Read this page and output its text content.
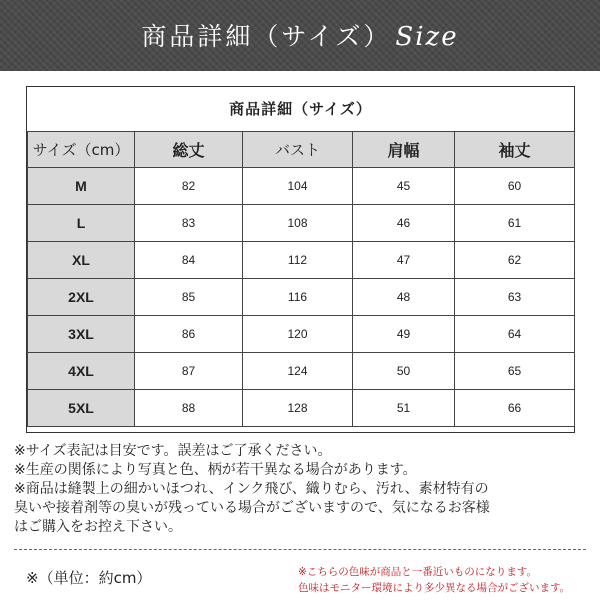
商品詳細（サイズ） Size
商品詳細（サイズ）
サイズ（cm）	総丈	バスト	肩幅	袖丈
M	82	104	45	60
L	83	108	46	61
XL	84	112	47	62
2XL	85	116	48	63
3XL	86	120	49	64
4XL	87	124	50	65
5XL	88	128	51	66
※サイズ表記は目安です。誤差はご了承ください。
※生産の関係により写真と色、柄が若干異なる場合があります。
※商品は縫製上の細かいほつれ、インク飛び、織りむら、汚れ、素材特有の
臭いや接着剤等の臭いが残っている場合がございますので、気になるお客様
はご購入をお控え下さい。
※（単位：約cm）	※こちらの色味が商品と一番近いものになります。
色味はモニター環境により多少異なる場合がございます。
